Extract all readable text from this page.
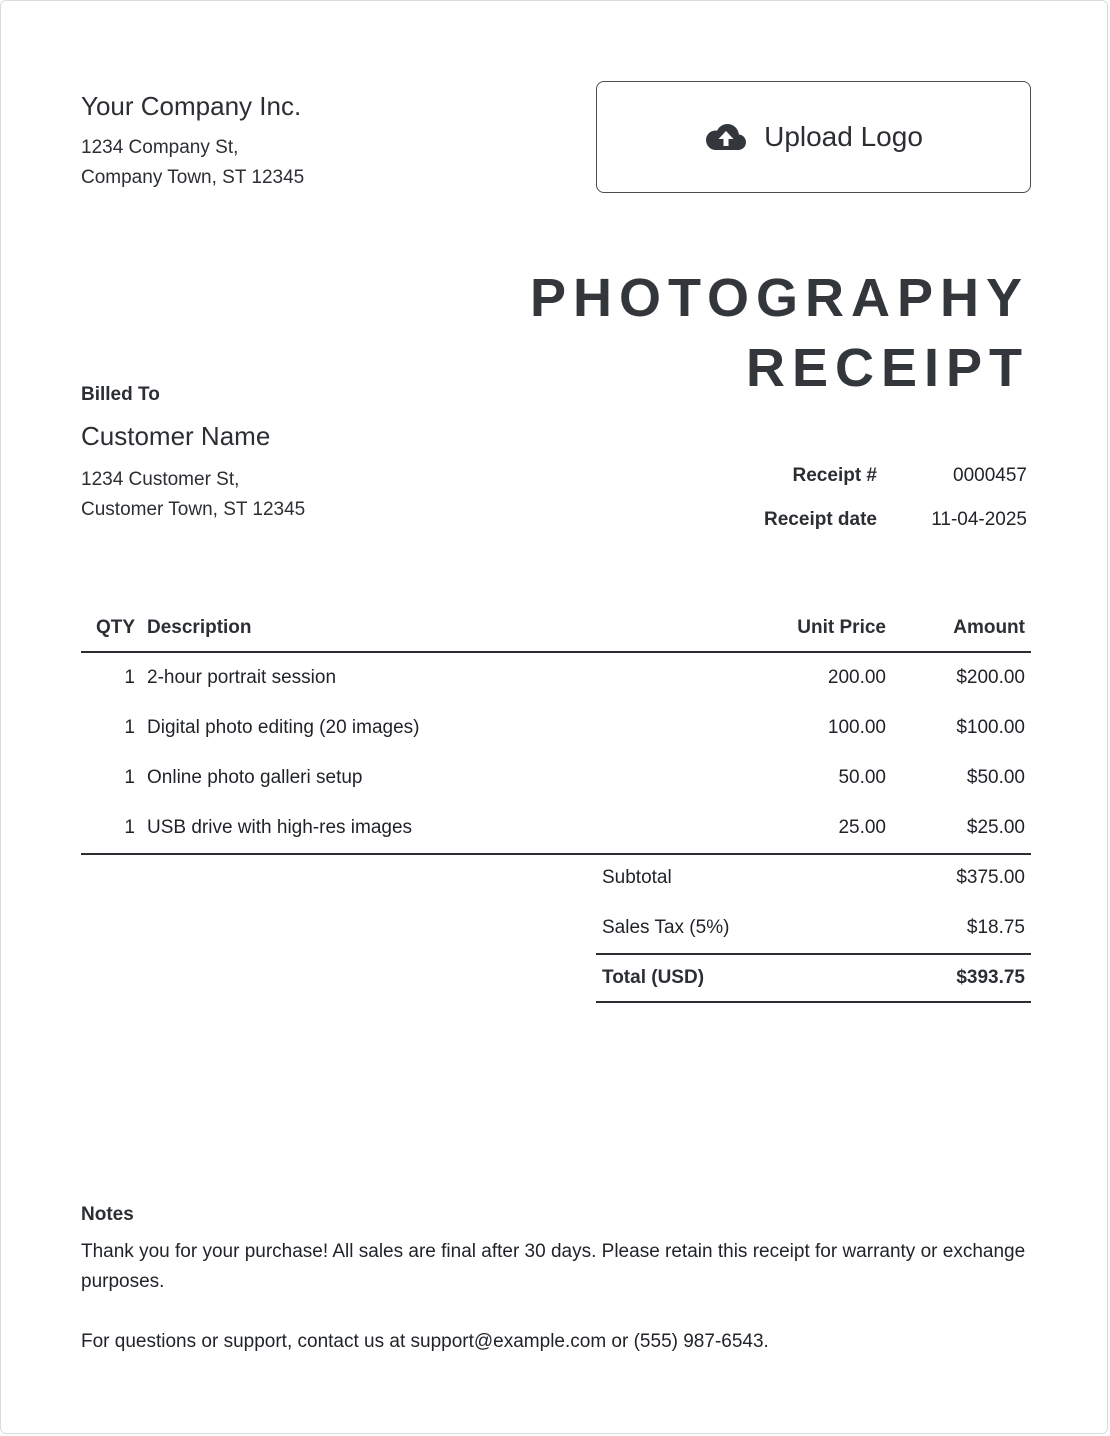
Your Company Inc.
1234 Company St,
Company Town, ST 12345
Upload Logo
PHOTOGRAPHY
RECEIPT
Billed To
Customer Name
1234 Customer St,
Customer Town, ST 12345
Receipt #	0000457
Receipt date	11-04-2025
QTY Description	Unit Price	Amount
1 2-hour portrait session	200.00	$200.00
1 Digital photo editing (20 images)	100.00	$100.00
1 Online photo galleri setup	50.00	$50.00
1 USB drive with high-res images	25.00	$25.00
Subtotal	$375.00
Sales Tax (5%)	$18.75
Total (USD)	$393.75
Notes
Thank you for your purchase! All sales are final after 30 days. Please retain this receipt for warranty or exchange purposes.
For questions or support, contact us at support@example.com or (555) 987-6543.
